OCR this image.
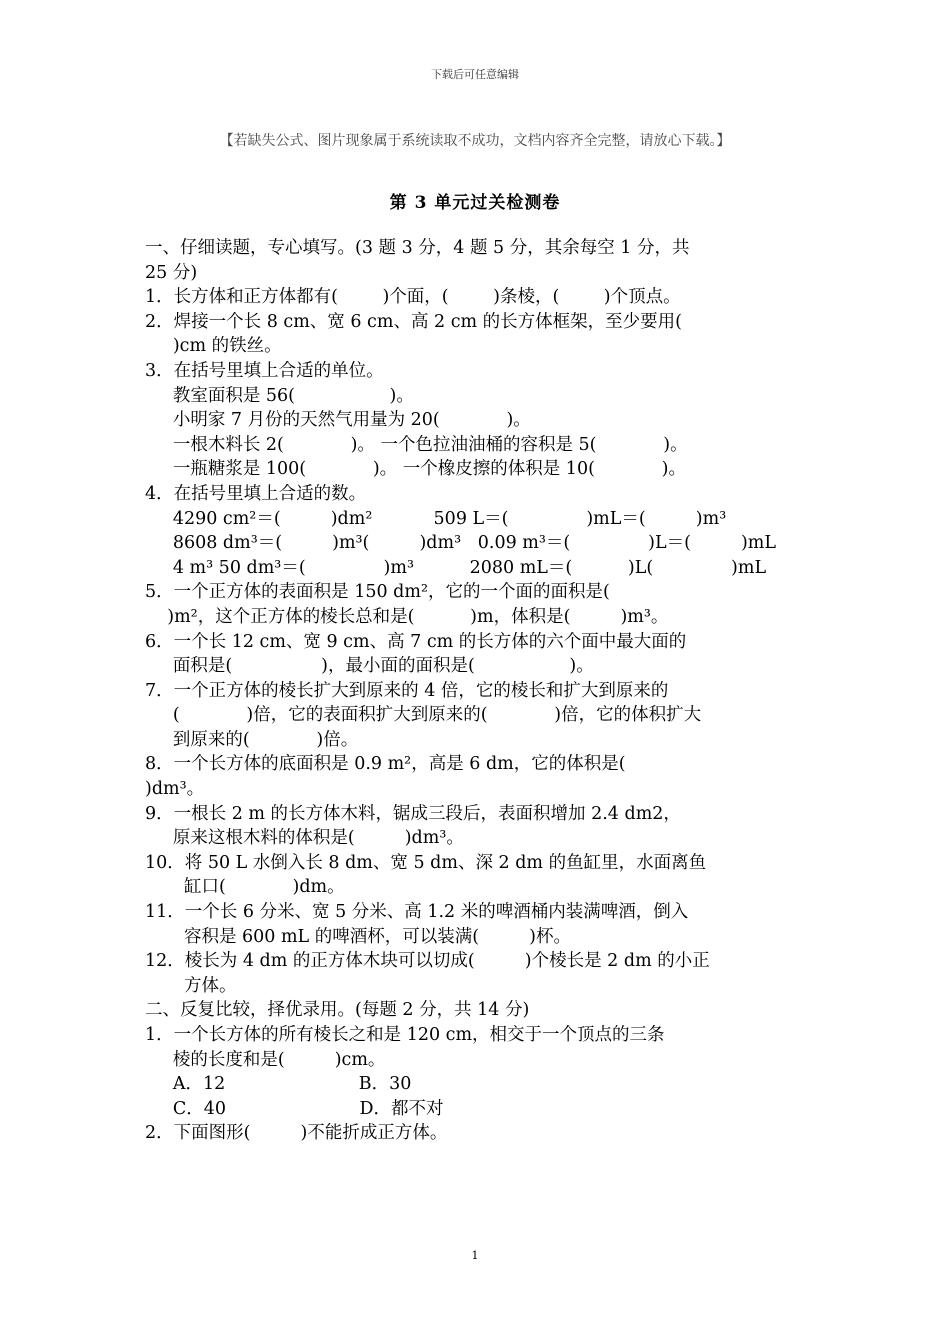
下载后可任意编辑
【若缺失公式、图片现象属于系统读取不成功，文档内容齐全完整，请放心下载。】
第 3 单元过关检测卷
一、仔细读题，专心填写。(3 题 3 分，4 题 5 分，其余每空 1 分，共
25 分)
1．长方体和正方体都有(        )个面，(        )条棱，(        )个顶点。
2．焊接一个长 8 cm、宽 6 cm、高 2 cm 的长方体框架，至少要用(
)cm 的铁丝。
3．在括号里填上合适的单位。
教室面积是 56(                 )。
小明家 7 月份的天然气用量为 20(            )。
一根木料长 2(            )。 一个色拉油油桶的容积是 5(            )。
一瓶糖浆是 100(            )。 一个橡皮擦的体积是 10(            )。
4．在括号里填上合适的数。
4290 cm²＝(         )dm²           509 L＝(              )mL＝(         )m³
8608 dm³＝(         )m³(         )dm³   0.09 m³＝(              )L＝(         )mL
4 m³ 50 dm³＝(              )m³          2080 mL＝(          )L(              )mL
5．一个正方体的表面积是 150 dm²，它的一个面的面积是(
)m²，这个正方体的棱长总和是(          )m，体积是(         )m³。
6．一个长 12 cm、宽 9 cm、高 7 cm 的长方体的六个面中最大面的
面积是(                )，最小面的面积是(                 )。
7．一个正方体的棱长扩大到原来的 4 倍，它的棱长和扩大到原来的
(            )倍，它的表面积扩大到原来的(            )倍，它的体积扩大
到原来的(            )倍。
8．一个长方体的底面积是 0.9 m²，高是 6 dm，它的体积是(
)dm³。
9．一根长 2 m 的长方体木料，锯成三段后，表面积增加 2.4 dm2，
原来这根木料的体积是(         )dm³。
10．将 50 L 水倒入长 8 dm、宽 5 dm、深 2 dm 的鱼缸里，水面离鱼
缸口(            )dm。
11．一个长 6 分米、宽 5 分米、高 1.2 米的啤酒桶内装满啤酒，倒入
容积是 600 mL 的啤酒杯，可以装满(         )杯。
12．棱长为 4 dm 的正方体木块可以切成(         )个棱长是 2 dm 的小正
方体。
二、反复比较，择优录用。(每题 2 分，共 14 分)
1．一个长方体的所有棱长之和是 120 cm，相交于一个顶点的三条
棱的长度和是(         )cm。
A．12                        B．30
C．40                        D．都不对
2．下面图形(         )不能折成正方体。
1
